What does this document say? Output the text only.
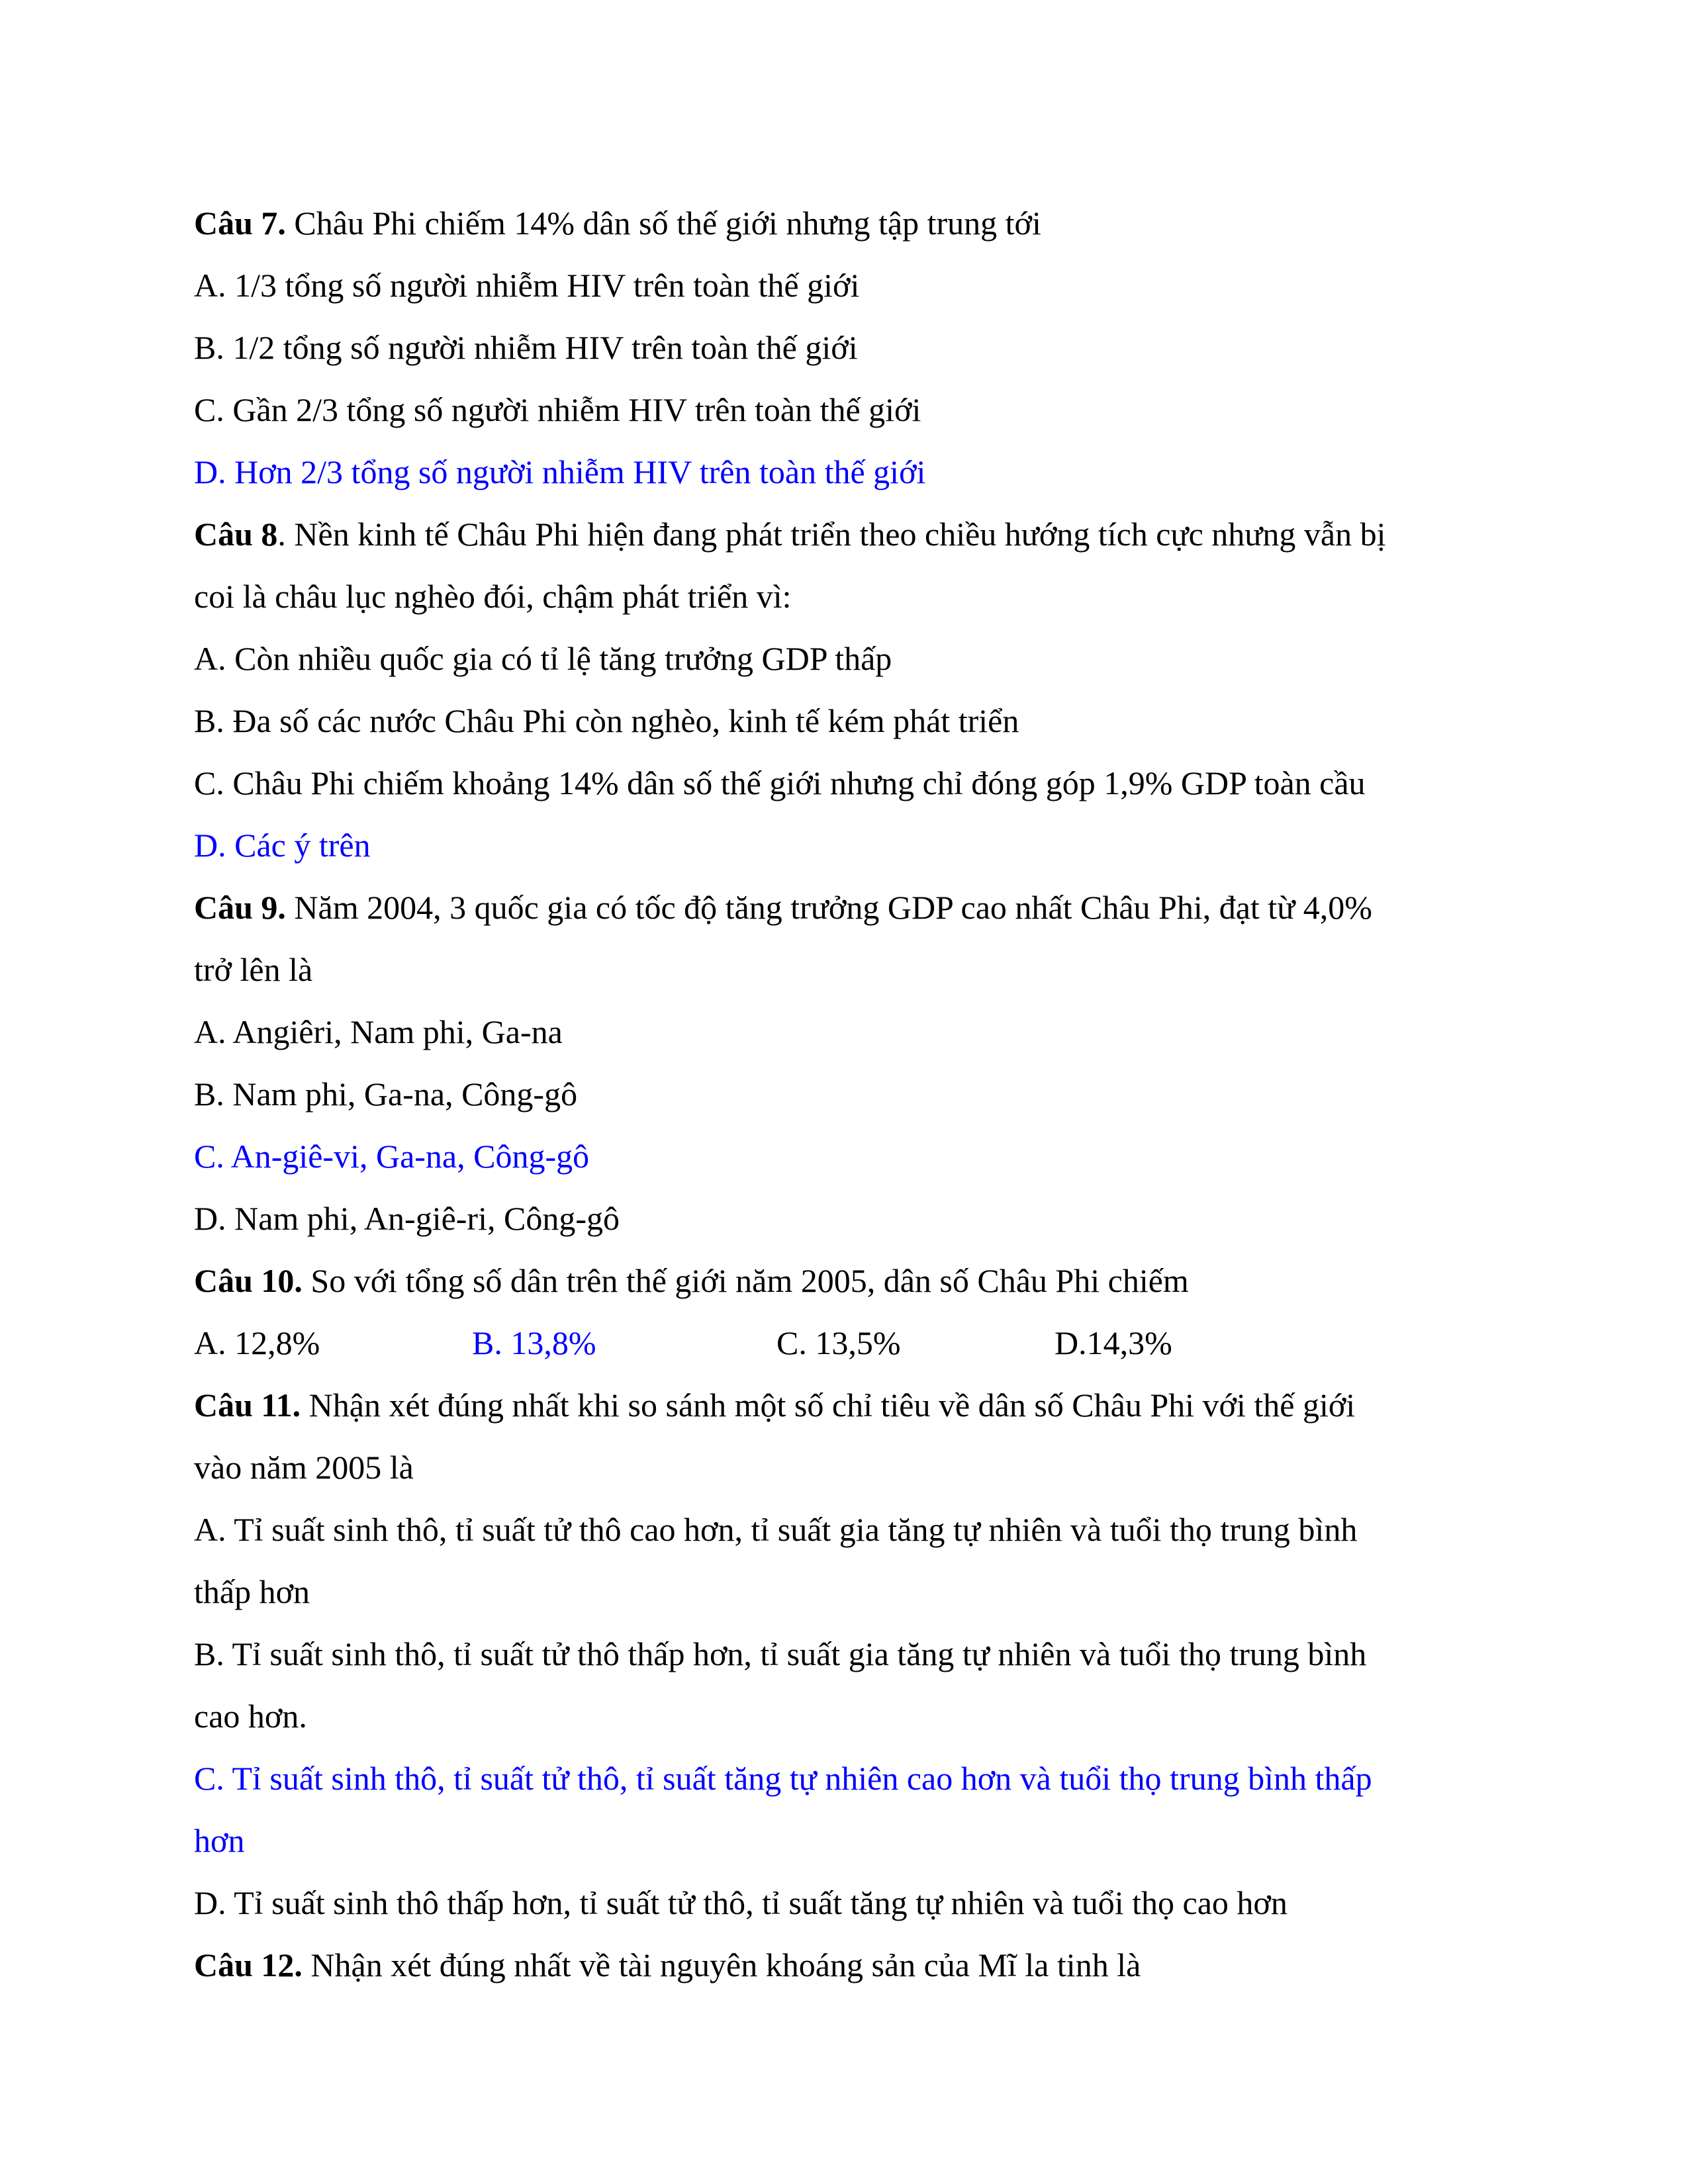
Câu 7. Châu Phi chiếm 14% dân số thế giới nhưng tập trung tới
A. 1/3 tổng số người nhiễm HIV trên toàn thế giới
B. 1/2 tổng số người nhiễm HIV trên toàn thế giới
C. Gần 2/3 tổng số người nhiễm HIV trên toàn thế giới
D. Hơn 2/3 tổng số người nhiễm HIV trên toàn thế giới
Câu 8. Nền kinh tế Châu Phi hiện đang phát triển theo chiều hướng tích cực nhưng vẫn bị
coi là châu lục nghèo đói, chậm phát triển vì:
A. Còn nhiều quốc gia có tỉ lệ tăng trưởng GDP thấp
B. Đa số các nước Châu Phi còn nghèo, kinh tế kém phát triển
C. Châu Phi chiếm khoảng 14% dân số thế giới nhưng chỉ đóng góp 1,9% GDP toàn cầu
D. Các ý trên
Câu 9. Năm 2004, 3 quốc gia có tốc độ tăng trưởng GDP cao nhất Châu Phi, đạt từ 4,0%
trở lên là
A. Angiêri, Nam phi, Ga-na
B. Nam phi, Ga-na, Công-gô
C. An-giê-vi, Ga-na, Công-gô
D. Nam phi, An-giê-ri, Công-gô
Câu 10. So với tổng số dân trên thế giới năm 2005, dân số Châu Phi chiếm
A. 12,8%	B. 13,8%	C. 13,5%	D.14,3%
Câu 11. Nhận xét đúng nhất khi so sánh một số chỉ tiêu về dân số Châu Phi với thế giới
vào năm 2005 là
A. Tỉ suất sinh thô, tỉ suất tử thô cao hơn, tỉ suất gia tăng tự nhiên và tuổi thọ trung bình
thấp hơn
B. Tỉ suất sinh thô, tỉ suất tử thô thấp hơn, tỉ suất gia tăng tự nhiên và tuổi thọ trung bình
cao hơn.
C. Tỉ suất sinh thô, tỉ suất tử thô, tỉ suất tăng tự nhiên cao hơn và tuổi thọ trung bình thấp
hơn
D. Tỉ suất sinh thô thấp hơn, tỉ suất tử thô, tỉ suất tăng tự nhiên và tuổi thọ cao hơn
Câu 12. Nhận xét đúng nhất về tài nguyên khoáng sản của Mĩ la tinh là
